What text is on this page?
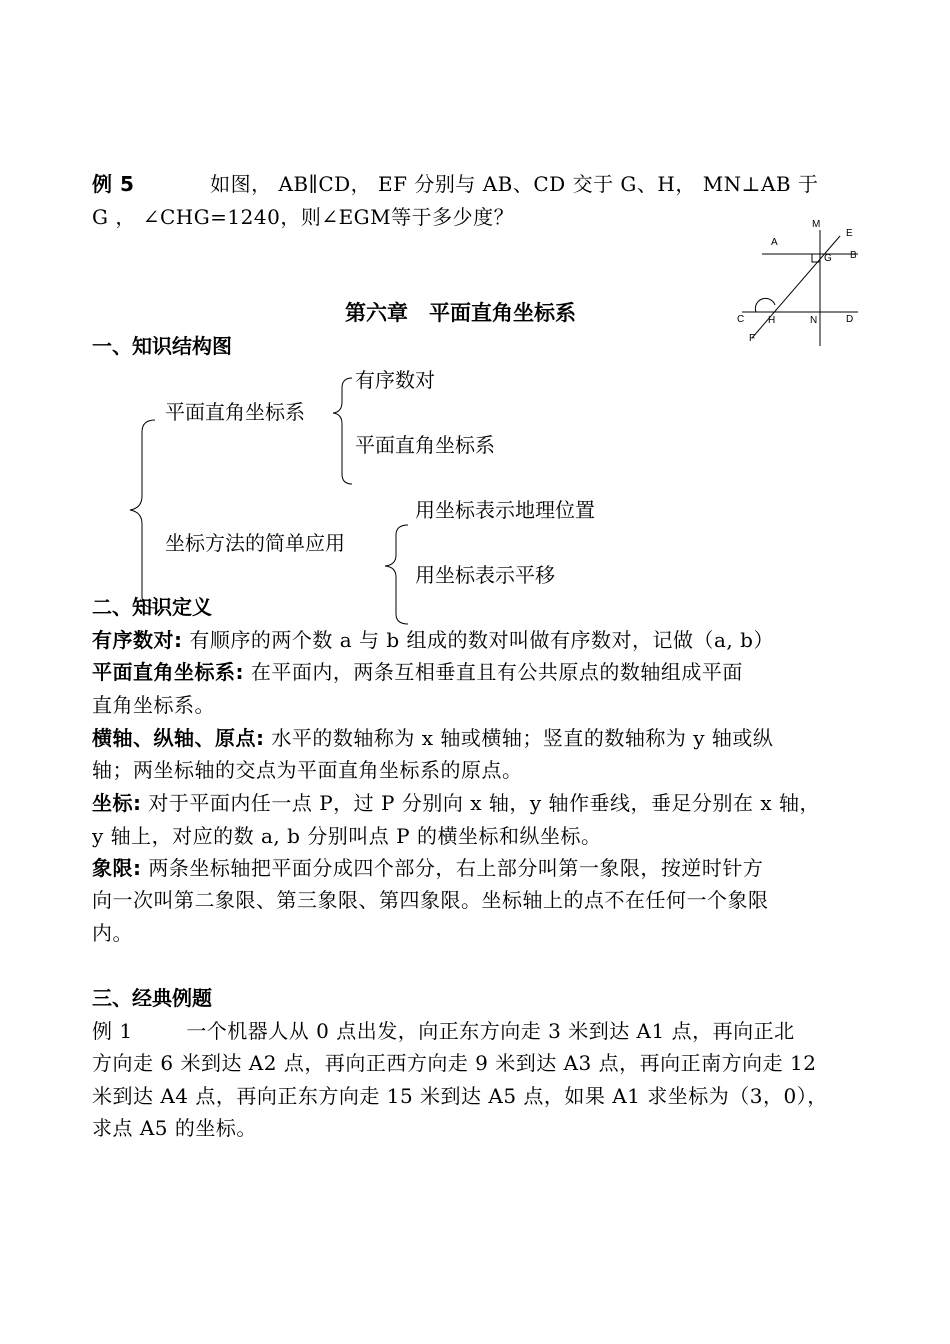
例 5	如图， AB∥CD， EF 分别与 AB、CD 交于 G、H， MN⊥AB 于
G ， ∠CHG=1240，则∠EGM等于多少度？	M
E
A
G B
C H	N	D
F
第六章　平面直角坐标系
一、知识结构图
有序数对
平面直角坐标系
平面直角坐标系
用坐标表示地理位置
坐标方法的简单应用
用坐标表示平移
二、知识定义
有序数对: 有顺序的两个数 a 与 b 组成的数对叫做有序数对，记做（a, b）
平面直角坐标系: 在平面内，两条互相垂直且有公共原点的数轴组成平面
直角坐标系。
横轴、纵轴、原点: 水平的数轴称为 x 轴或横轴；竖直的数轴称为 y 轴或纵
轴；两坐标轴的交点为平面直角坐标系的原点。
坐标: 对于平面内任一点 P，过 P 分别向 x 轴，y 轴作垂线，垂足分别在 x 轴，
y 轴上，对应的数 a, b 分别叫点 P 的横坐标和纵坐标。
象限: 两条坐标轴把平面分成四个部分，右上部分叫第一象限，按逆时针方
向一次叫第二象限、第三象限、第四象限。坐标轴上的点不在任何一个象限
内。
三、经典例题
例 1	一个机器人从 0 点出发，向正东方向走 3 米到达 A1 点，再向正北
方向走 6 米到达 A2 点，再向正西方向走 9 米到达 A3 点，再向正南方向走 12
米到达 A4 点，再向正东方向走 15 米到达 A5 点，如果 A1 求坐标为（3，0），
求点 A5 的坐标。
